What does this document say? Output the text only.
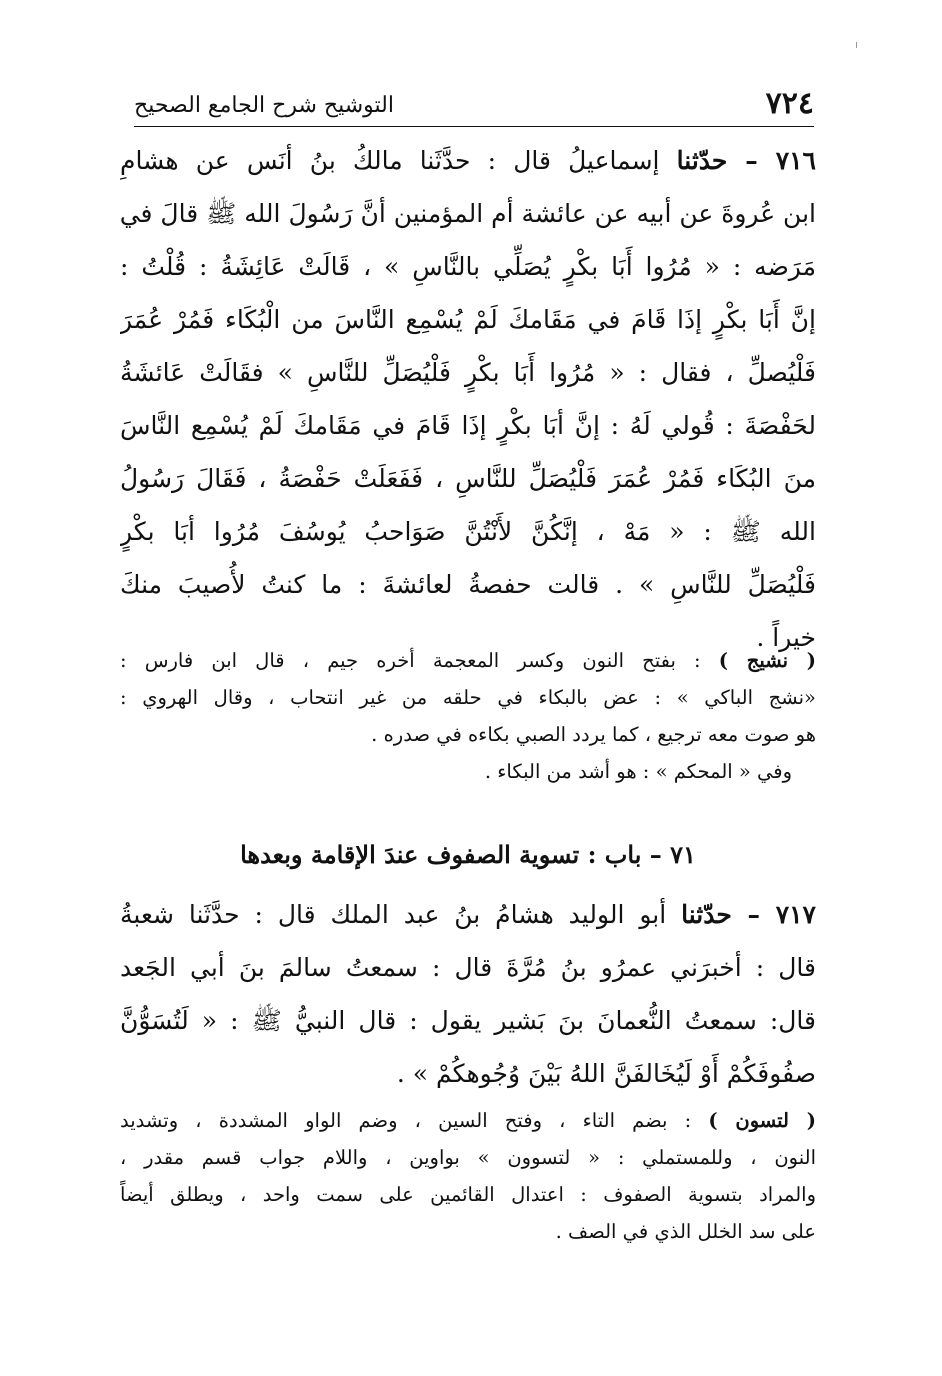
٧٢٤
التوشيح شرح الجامع الصحيح
٧١٦ – حدّثنا إسماعيلُ قال : حدَّثَنا مالكُ بنُ أنَس عن هشامِ
ابن عُروةَ عن أبيه عن عائشة أم المؤمنين أنَّ رَسُولَ الله ﷺ قالَ في
مَرَضه : « مُرُوا أَبَا بكْرٍ يُصَلِّي بالنَّاسِ » ، قَالَتْ عَائِشَةُ : قُلْتُ :
إنَّ أَبَا بكْرٍ إذَا قَامَ في مَقَامكَ لَمْ يُسْمِع النَّاسَ من الْبُكَاء فَمُرْ عُمَرَ
فَلْيُصلِّ ، فقال : « مُرُوا أَبَا بكْرٍ فَلْيُصَلِّ للنَّاسِ » فقَالَتْ عَائشَةُ
لحَفْصَةَ : قُولي لَهُ : إنَّ أبَا بكْرٍ إذَا قَامَ في مَقَامكَ لَمْ يُسْمِع النَّاسَ
منَ البُكَاء فَمُرْ عُمَرَ فَلْيُصَلِّ للنَّاسِ ، فَفَعَلَتْ حَفْصَةُ ، فَقَالَ رَسُولُ
الله ﷺ : « مَهْ ، إنَّكُنَّ لأَنْتُنَّ صَوَاحبُ يُوسُفَ مُرُوا أبَا بكْرٍ
فَلْيُصَلِّ للنَّاسِ » . قالت حفصةُ لعائشةَ : ما كنتُ لأُصيبَ منكَ
خيراً .
( نشيج ) : بفتح النون وكسر المعجمة أخره جيم ، قال ابن فارس :
«نشج الباكي » : عض بالبكاء في حلقه من غير انتحاب ، وقال الهروي :
هو صوت معه ترجيع ، كما يردد الصبي بكاءه في صدره .
وفي « المحكم » : هو أشد من البكاء .
٧١ – باب : تسوية الصفوف عندَ الإقامة وبعدها
٧١٧ – حدّثنا أبو الوليد هشامُ بنُ عبد الملك قال : حدَّثَنا شعبةُ
قال : أخبرَني عمرُو بنُ مُرَّةَ قال : سمعتُ سالمَ بنَ أبي الجَعد
قال: سمعتُ النُّعمانَ بنَ بَشير يقول : قال النبيُّ ﷺ : « لَتُسَوُّنَّ
صفُوفَكُمْ أَوْ لَيُخَالفَنَّ اللهُ بَيْنَ وُجُوهكُمْ » .
( لتسون ) : بضم التاء ، وفتح السين ، وضم الواو المشددة ، وتشديد
النون ، وللمستملي : « لتسوون » بواوين ، واللام جواب قسم مقدر ،
والمراد بتسوية الصفوف : اعتدال القائمين على سمت واحد ، ويطلق أيضاً
على سد الخلل الذي في الصف .
